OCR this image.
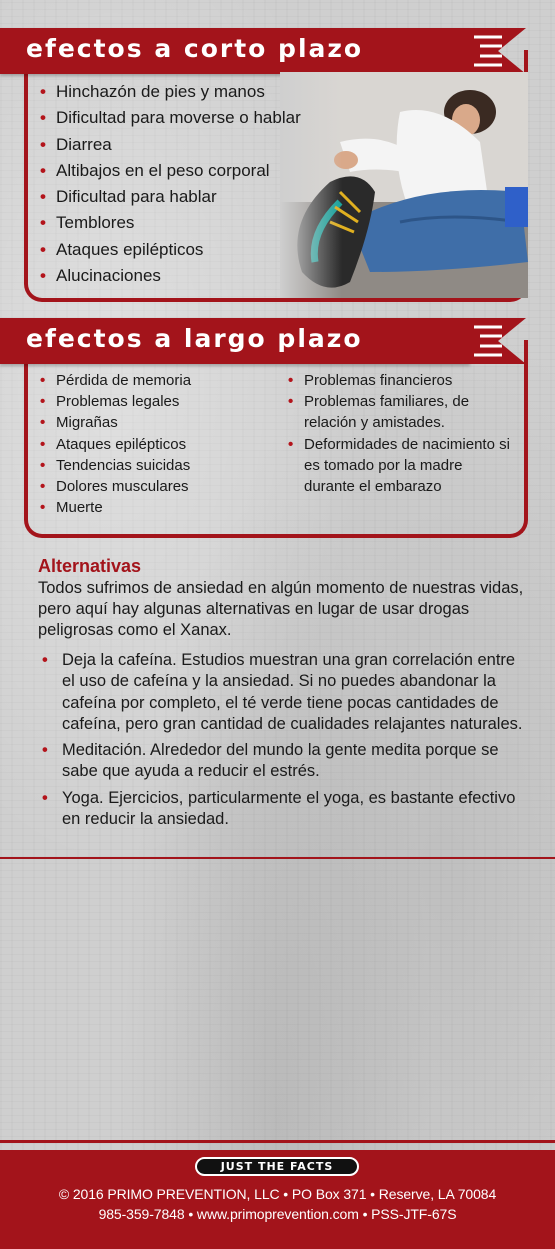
efectos a corto plazo
• Hinchazón de pies y manos
• Dificultad para moverse o hablar
• Diarrea
• Altibajos en el peso corporal
• Dificultad para hablar
• Temblores
• Ataques epilépticos
• Alucinaciones
efectos a largo plazo
• Pérdida de memoria
• Problemas legales
• Migrañas
• Ataques epilépticos
• Tendencias suicidas
• Dolores musculares
• Muerte
• Problemas financieros
• Problemas familiares, de relación y amistades.
• Deformidades de nacimiento si es tomado por la madre durante el embarazo
Alternativas

Todos sufrimos de ansiedad en algún momento de nuestras vidas, pero aquí hay algunas alternativas en lugar de usar drogas peligrosas como el Xanax.

• Deja la cafeína. Estudios muestran una gran correlación entre el uso de cafeína y la ansiedad. Si no puedes abandonar la cafeína por completo, el té verde tiene pocas cantidades de cafeína, pero gran cantidad de cualidades relajantes naturales.
• Meditación. Alrededor del mundo la gente medita porque se sabe que ayuda a reducir el estrés.
• Yoga. Ejercicios, particularmente el yoga, es bastante efectivo en reducir la ansiedad.
JUST THE FACTS
© 2016 PRIMO PREVENTION, LLC • PO Box 371 • Reserve, LA 70084
985-359-7848 • www.primoprevention.com • PSS-JTF-67S
